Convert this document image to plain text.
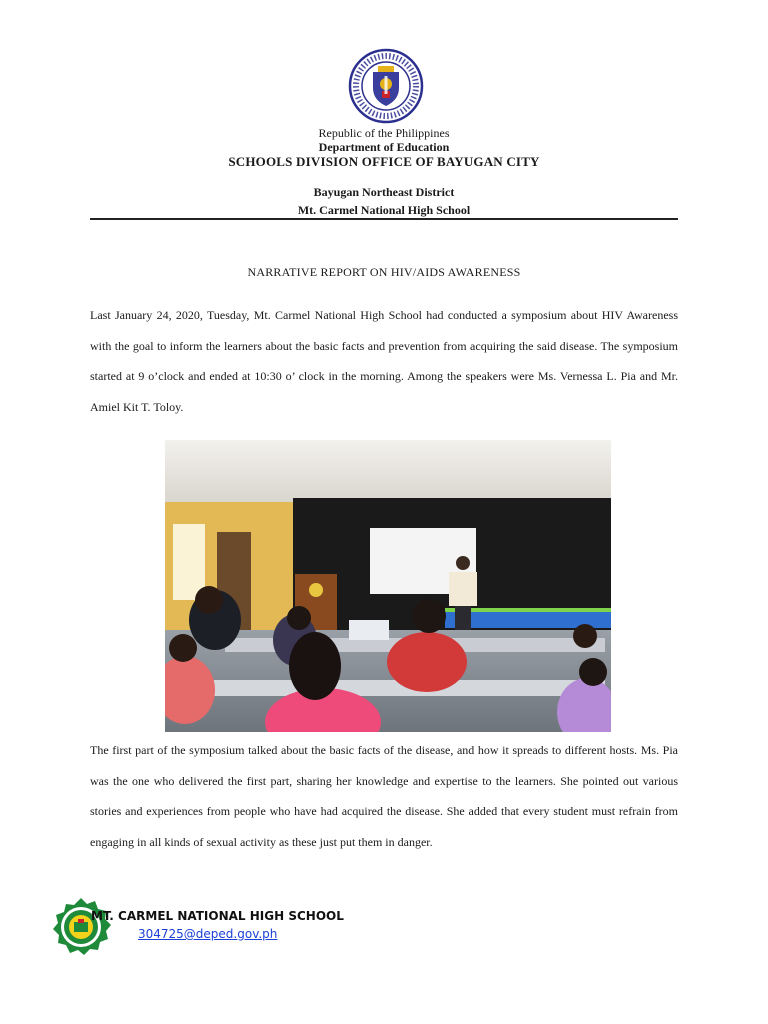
Republic of the Philippines
Department of Education
SCHOOLS DIVISION OFFICE OF BAYUGAN CITY
Bayugan Northeast District
Mt. Carmel National High School
NARRATIVE REPORT ON HIV/AIDS AWARENESS

Last January 24, 2020, Tuesday, Mt. Carmel National High School had conducted a symposium about HIV Awareness with the goal to inform the learners about the basic facts and prevention from acquiring the said disease. The symposium started at 9 o’clock and ended at 10:30 o’ clock in the morning. Among the speakers were Ms. Vernessa L. Pia and Mr. Amiel Kit T. Toloy.

The first part of the symposium talked about the basic facts of the disease, and how it spreads to different hosts. Ms. Pia was the one who delivered the first part, sharing her knowledge and expertise to the learners. She pointed out various stories and experiences from people who have had acquired the disease. She added that every student must refrain from engaging in all kinds of sexual activity as these just put them in danger.

MT. CARMEL NATIONAL HIGH SCHOOL
304725@deped.gov.ph
